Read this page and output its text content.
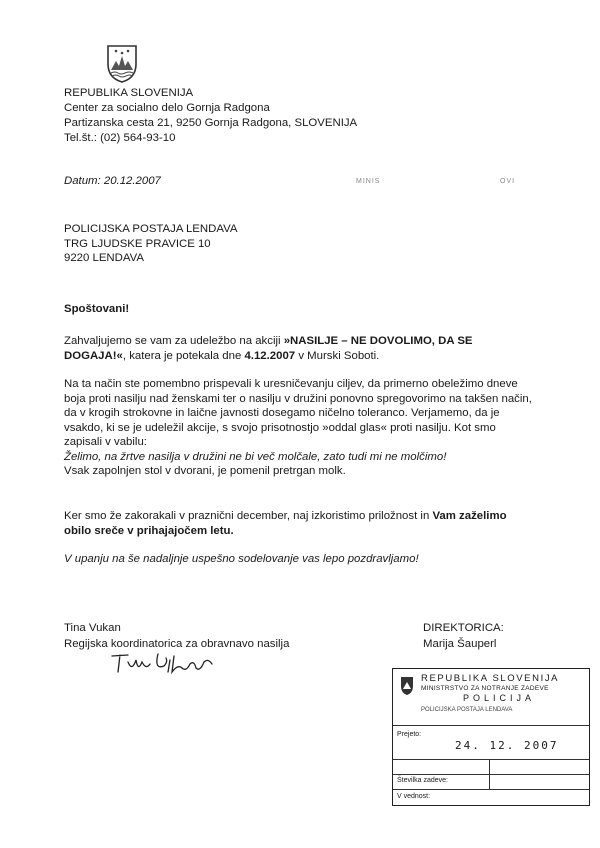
REPUBLIKA SLOVENIJA
Center za socialno delo Gornja Radgona
Partizanska cesta 21, 9250 Gornja Radgona, SLOVENIJA
Tel.št.: (02) 564-93-10
Datum: 20.12.2007	MINIS	OVI
POLICIJSKA POSTAJA LENDAVA
TRG LJUDSKE PRAVICE 10
9220 LENDAVA
Spoštovani!

Zahvaljujemo se vam za udeležbo na akciji »NASILJE – NE DOVOLIMO, DA SE DOGAJA!«, katera je potekala dne 4.12.2007 v Murski Soboti.

Na ta način ste pomembno prispevali k uresničevanju ciljev, da primerno obeležimo dneve boja proti nasilju nad ženskami ter o nasilju v družini ponovno spregovorimo na takšen način, da v krogih strokovne in laične javnosti dosegamo ničelno toleranco. Verjamemo, da je vsakdo, ki se je udeležil akcije, s svojo prisotnostjo »oddal glas« proti nasilju. Kot smo zapisali v vabilu:
Želimo, na žrtve nasilja v družini ne bi več molčale, zato tudi mi ne molčimo!
Vsak zapolnjen stol v dvorani, je pomenil pretrgan molk.

Ker smo že zakorakali v praznični december, naj izkoristimo priložnost in Vam zaželimo obilo sreče v prihajajočem letu.

V upanju na še nadaljnje uspešno sodelovanje vas lepo pozdravljamo!
Tina Vukan
Regijska koordinatorica za obravnavo nasilja
DIREKTORICA:
Marija Šauperl
REPUBLIKA SLOVENIJA
MINISTRSTVO ZA NOTRANJE ZADEVE
POLICIJA
POLICIJSKA POSTAJA LENDAVA
Prejeto:
24. 12. 2007
Številka zadeve:
V vednost:
